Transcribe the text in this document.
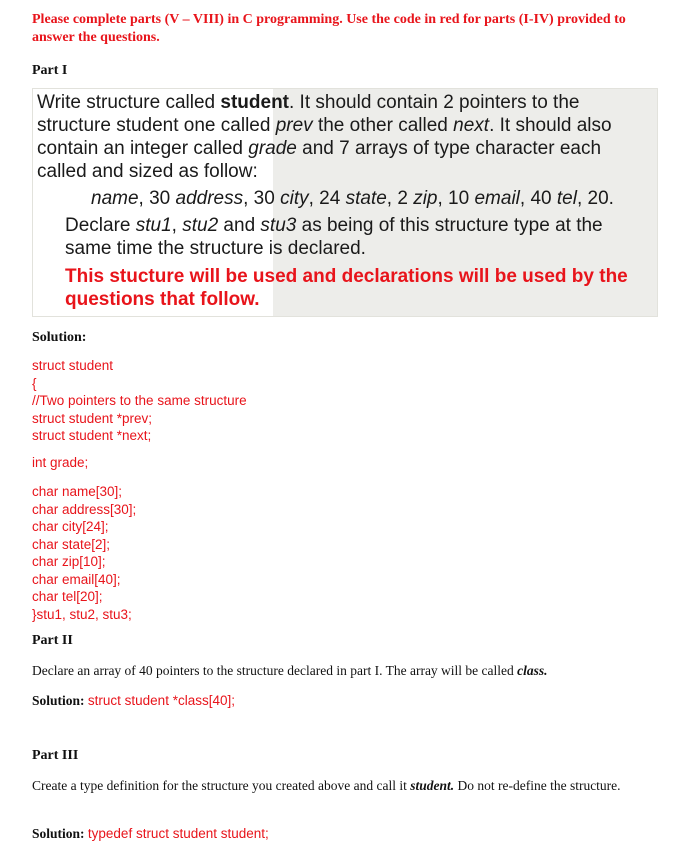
Please complete parts (V – VIII) in C programming. Use the code in red for parts (I-IV) provided to answer the questions.
Part I
Write structure called student. It should contain 2 pointers to the
structure student one called prev the other called next. It should also
contain an integer called grade and 7 arrays of type character each
called and sized as follow:
name, 30 address, 30 city, 24 state, 2 zip, 10 email, 40 tel, 20.
Declare stu1, stu2 and stu3 as being of this structure type at the
same time the structure is declared.
This stucture will be used and declarations will be used by the
questions that follow.
Solution:
struct student
{
//Two pointers to the same structure
struct student *prev;
struct student *next;
int grade;
char name[30];
char address[30];
char city[24];
char state[2];
char zip[10];
char email[40];
char tel[20];
}stu1, stu2, stu3;
Part II
Declare an array of 40 pointers to the structure declared in part I. The array will be called class.
Solution: struct student *class[40];
Part III
Create a type definition for the structure you created above and call it student. Do not re-define the structure.
Solution: typedef struct student student;
